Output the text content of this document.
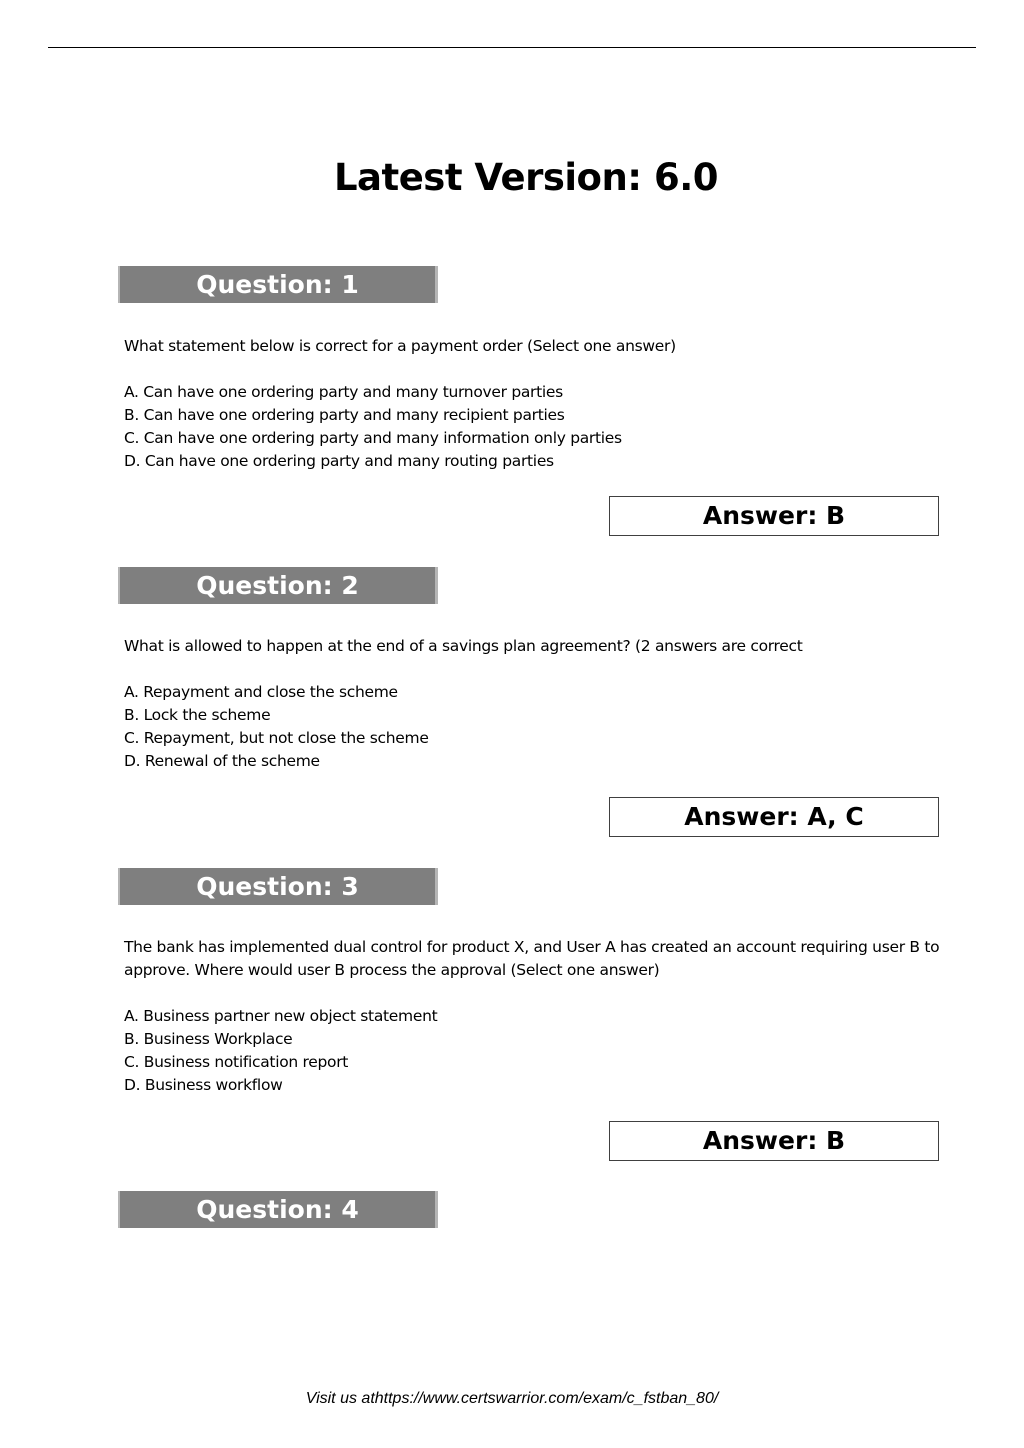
Latest Version: 6.0
Question: 1

What statement below is correct for a payment order (Select one answer)

A. Can have one ordering party and many turnover parties
B. Can have one ordering party and many recipient parties
C. Can have one ordering party and many information only parties
D. Can have one ordering party and many routing parties
Answer: B
Question: 2

What is allowed to happen at the end of a savings plan agreement? (2 answers are correct

A. Repayment and close the scheme
B. Lock the scheme
C. Repayment, but not close the scheme
D. Renewal of the scheme
Answer: A, C
Question: 3

The bank has implemented dual control for product X, and User A has created an account requiring user B to approve. Where would user B process the approval (Select one answer)

A. Business partner new object statement
B. Business Workplace
C. Business notification report
D. Business workflow
Answer: B
Question: 4
Visit us athttps://www.certswarrior.com/exam/c_fstban_80/
